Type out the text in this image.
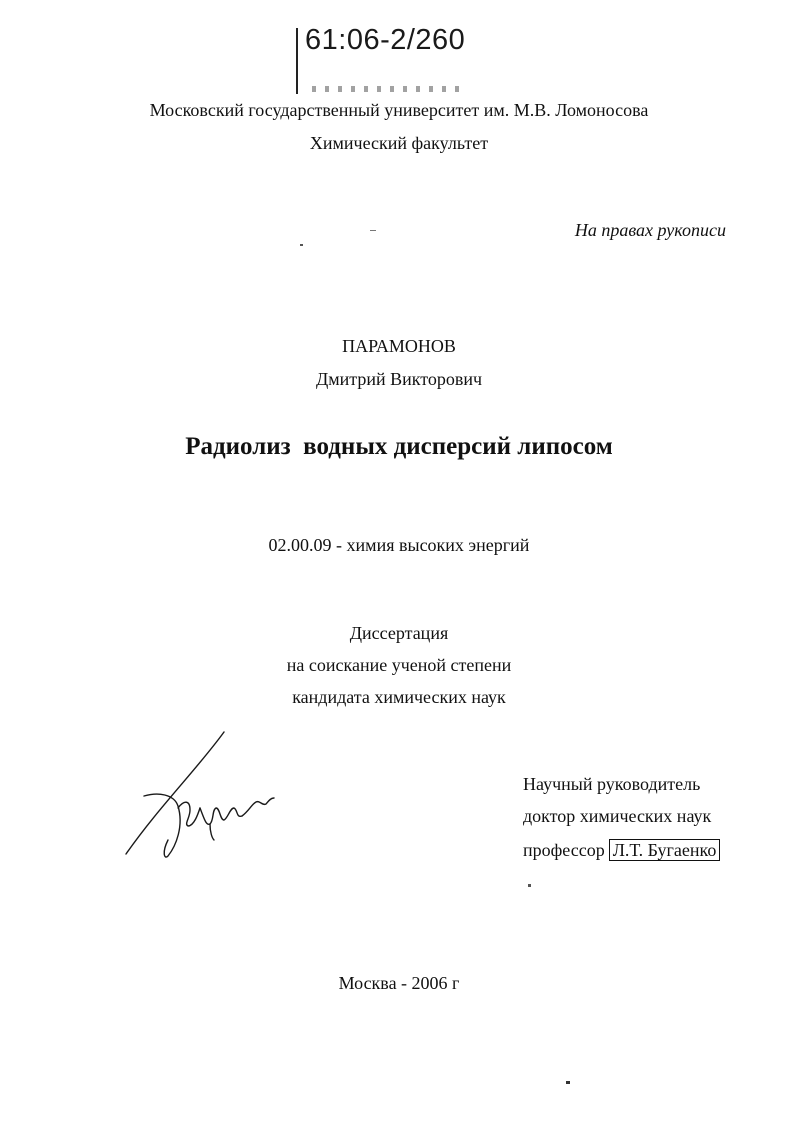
61:06-2/260
Московский государственный университет им. М.В. Ломоносова
Химический факультет
На правах рукописи
ПАРАМОНОВ
Дмитрий Викторович
Радиолиз  водных дисперсий липосом
02.00.09 - химия высоких энергий
Диссертация
на соискание ученой степени
кандидата химических наук
Научный руководитель
доктор химических наук
профессор Л.Т. Бугаенко
Москва - 2006 г
